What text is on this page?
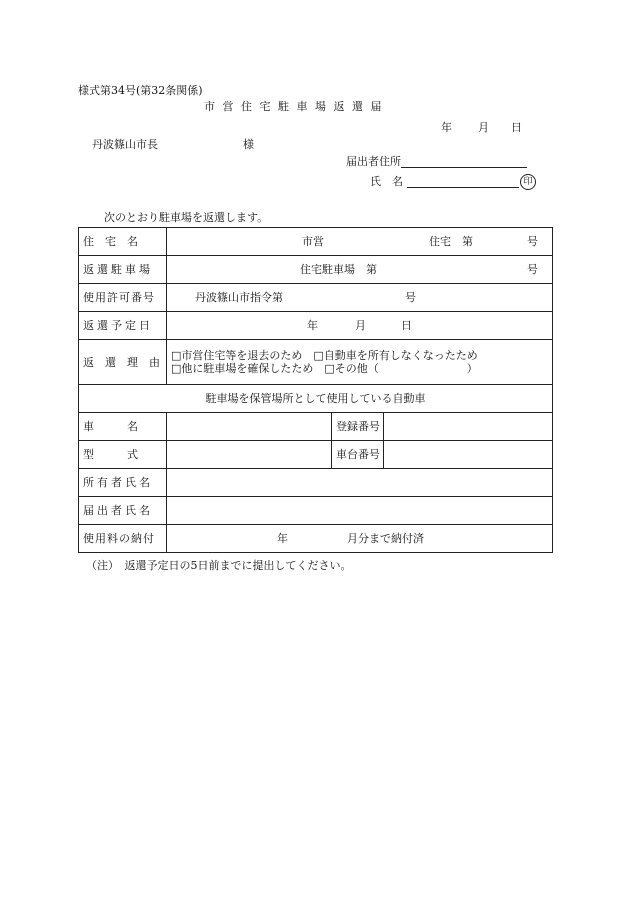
様式第34号(第32条関係)
市 営 住 宅 駐 車 場 返 還 届
年 月 日
丹波篠山市長	様
届出者住所
氏　名	印
次のとおり駐車場を返還します。
住　宅　名	市営 住宅　第 号		

返還駐車場	住宅駐車場　第 号		

使用許可番号	丹波篠山市指令第 号		

返還予定日	年 月 日		

返　還　理　由	□市営住宅等を退去のため　□自動車を所有しなくなったため
□他に駐車場を確保したため　□その他（　　　　　　　　）		

駐車場を保管場所として使用している自動車			
車　　　名		登録番号	
型　　　式		車台番号	
所有者氏名			
届出者氏名			
使用料の納付	年 月分まで納付済		
（注）　返還予定日の5日前までに提出してください。
